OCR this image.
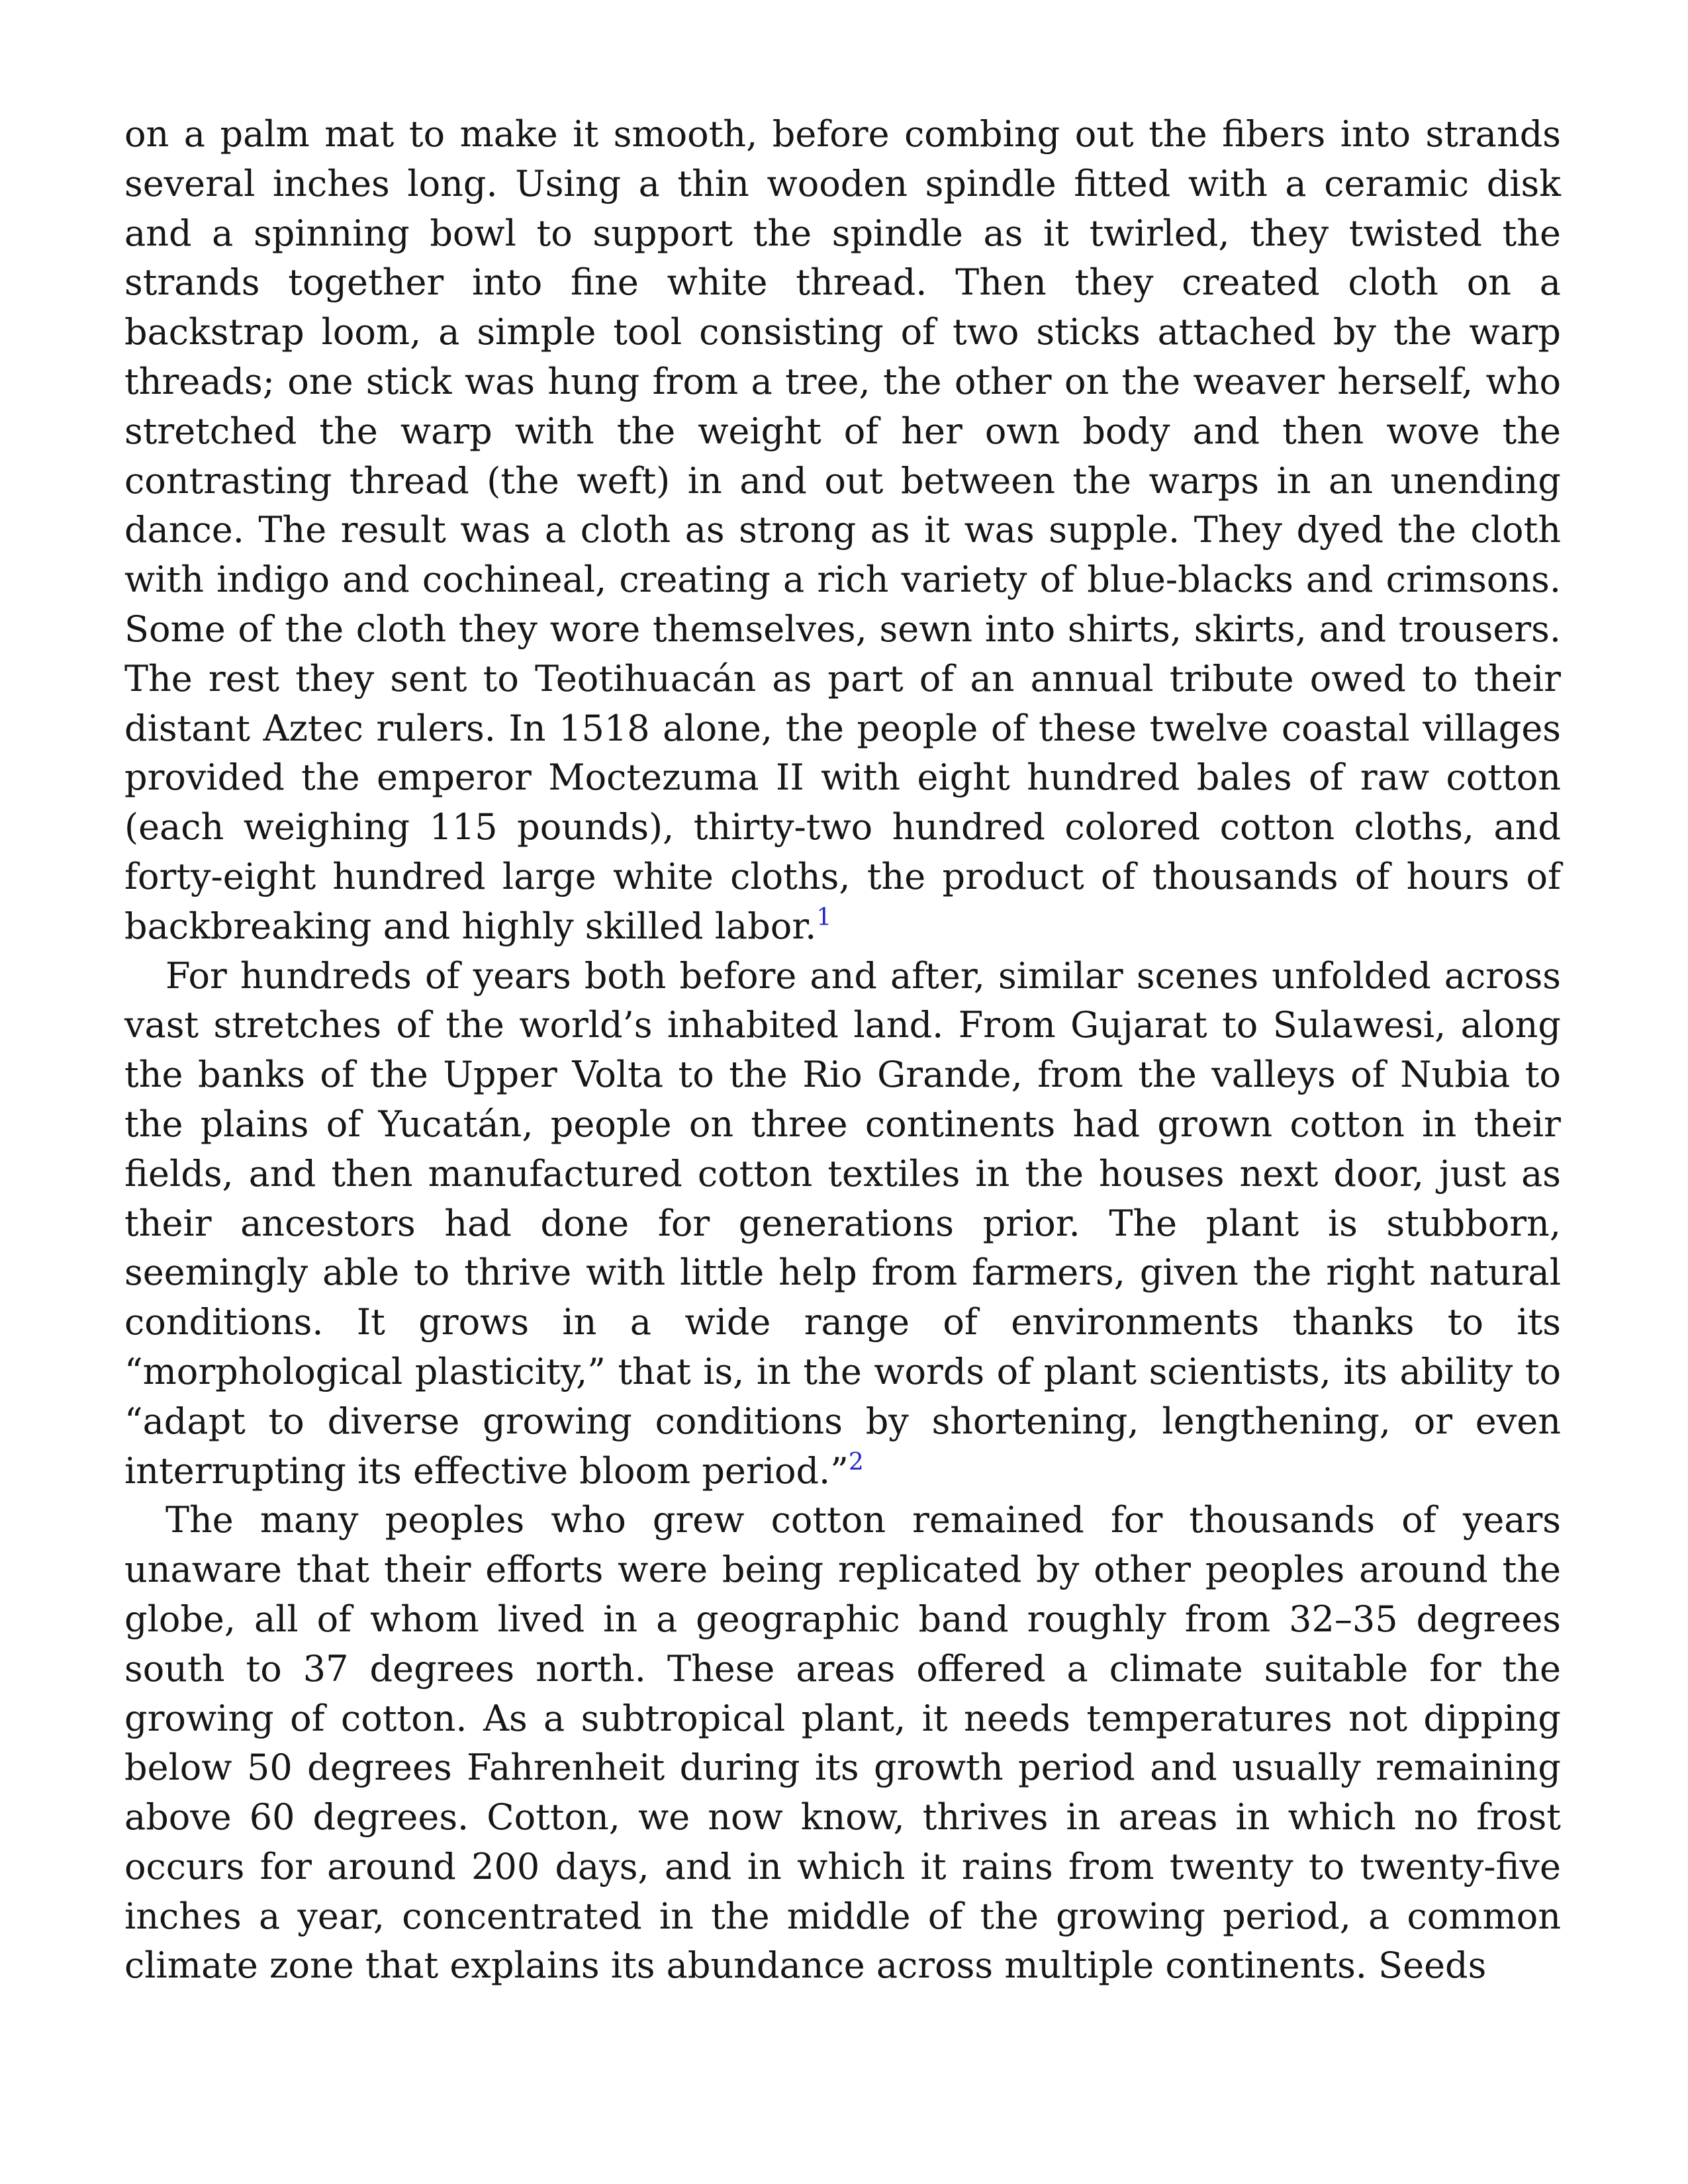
on a palm mat to make it smooth, before combing out the fibers into strands several inches long. Using a thin wooden spindle fitted with a ceramic disk and a spinning bowl to support the spindle as it twirled, they twisted the strands together into fine white thread. Then they created cloth on a backstrap loom, a simple tool consisting of two sticks attached by the warp threads; one stick was hung from a tree, the other on the weaver herself, who stretched the warp with the weight of her own body and then wove the contrasting thread (the weft) in and out between the warps in an unending dance. The result was a cloth as strong as it was supple. They dyed the cloth with indigo and cochineal, creating a rich variety of blue-blacks and crimsons. Some of the cloth they wore themselves, sewn into shirts, skirts, and trousers. The rest they sent to Teotihuacán as part of an annual tribute owed to their distant Aztec rulers. In 1518 alone, the people of these twelve coastal villages provided the emperor Moctezuma II with eight hundred bales of raw cotton (each weighing 115 pounds), thirty-two hundred colored cotton cloths, and forty-eight hundred large white cloths, the product of thousands of hours of backbreaking and highly skilled labor.$^1$

For hundreds of years both before and after, similar scenes unfolded across vast stretches of the world’s inhabited land. From Gujarat to Sulawesi, along the banks of the Upper Volta to the Rio Grande, from the valleys of Nubia to the plains of Yucatán, people on three continents had grown cotton in their fields, and then manufactured cotton textiles in the houses next door, just as their ancestors had done for generations prior. The plant is stubborn, seemingly able to thrive with little help from farmers, given the right natural conditions. It grows in a wide range of environments thanks to its “morphological plasticity,” that is, in the words of plant scientists, its ability to “adapt to diverse growing conditions by shortening, lengthening, or even interrupting its effective bloom period.”$^2$

The many peoples who grew cotton remained for thousands of years unaware that their efforts were being replicated by other peoples around the globe, all of whom lived in a geographic band roughly from 32–35 degrees south to 37 degrees north. These areas offered a climate suitable for the growing of cotton. As a subtropical plant, it needs temperatures not dipping below 50 degrees Fahrenheit during its growth period and usually remaining above 60 degrees. Cotton, we now know, thrives in areas in which no frost occurs for around 200 days, and in which it rains from twenty to twenty-five inches a year, concentrated in the middle of the growing period, a common climate zone that explains its abundance across multiple continents. Seeds
